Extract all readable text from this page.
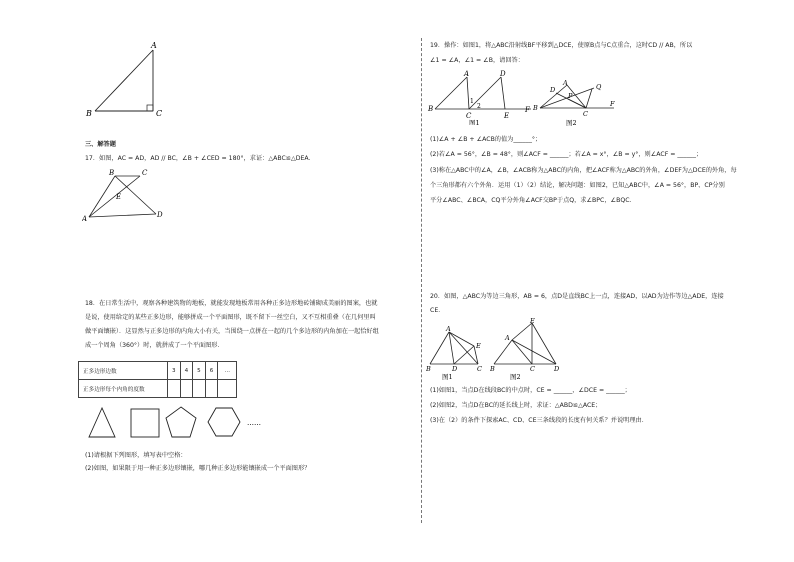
A
B	C
三、解答题
17．如图，AC = AD，AD // BC，∠B + ∠CED = 180°，求证：△ABC≌△DEA．
B	C
E
A	D
18．在日常生活中，观察各种建筑物的地板，就能发现地板常用各种正多边形地砖铺砌成美丽的图案，也就
是说，使用给定的某些正多边形，能够拼成一个平面图形，既不留下一丝空白，又不互相重叠（在几何里叫
做平面镶嵌）．这显然与正多边形的内角大小有关，当围绕一点拼在一起的几个多边形的内角加在一起恰好组
成一个周角（360°）时，就拼成了一个平面图形．
正多边形边数	3	4	5	6	…
正多边形每个内角的度数					
……
(1)请根据下列图形，填写表中空格：
(2)如图，如果限于用一种正多边形镶嵌，哪几种正多边形能镶嵌成一个平面图形？
19．操作：如图1，将△ABC沿射线BF平移到△DCE，使原B点与C点重合，这时CD // AB，所以
∠1 = ∠A，∠1 = ∠B，请回答：
A	D
B
C	E
F
1
2
图1
A	Q
D
P
B
C
F
图2
(1)∠A + ∠B + ∠ACB的值为______°；
(2)若∠A = 56°，∠B = 48°，则∠ACF = ______；若∠A = x°，∠B = y°，则∠ACF = ______；
(3)称在△ABC中的∠A，∠B，∠ACB称为△ABC的内角，把∠ACF称为△ABC的外角，∠DEF为△DCE的外角，每
个三角形都有六个外角．运用（1）（2）结论，解决问题：如图2，已知△ABC中，∠A = 56°，BP、CP分别
平分∠ABC、∠BCA，CQ平分外角∠ACF交BP于点Q，求∠BPC，∠BQC．
20．如图，△ABC为等边三角形，AB = 6，点D是直线BC上一点，连接AD，以AD为边作等边△ADE，连接
CE．
A
E
B	D	C
图1
E
A
B	C	D
图2
(1)如图1，当点D在线段BC的中点时，CE = ______，∠DCE = ______；
(2)如图2，当点D在BC的延长线上时，求证：△ABD≌△ACE；
(3)在（2）的条件下探索AC、CD、CE三条线段的长度有何关系？并说明理由．
